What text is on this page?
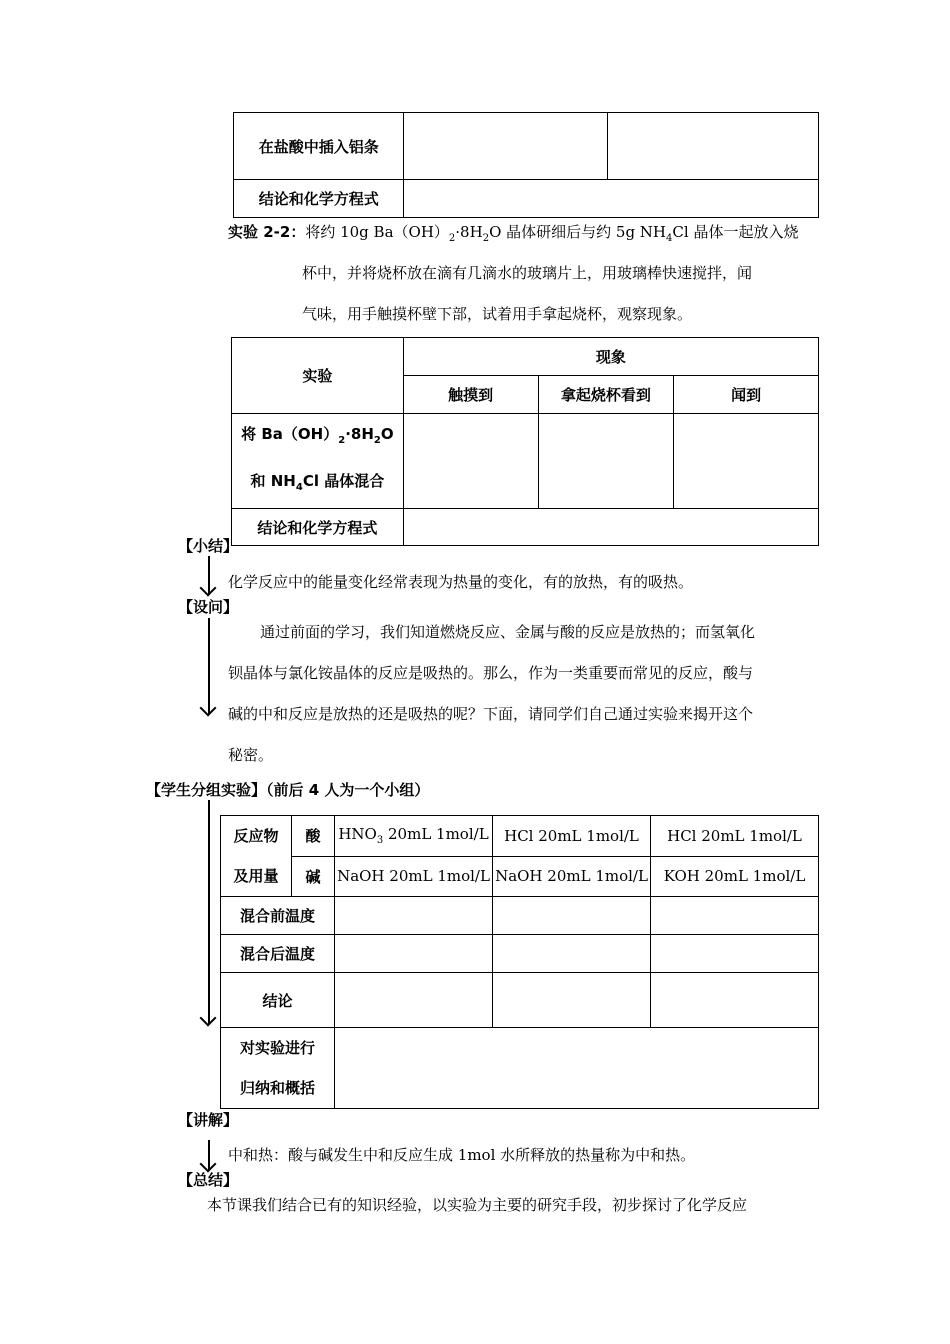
在盐酸中插入铝条		
结论和化学方程式		
实验 2-2：将约 10g $Ba(OH)_2\cdot 8H_2O$ 晶体研细后与约 5g $NH_4Cl$ 晶体一起放入烧
杯中，并将烧杯放在滴有几滴水的玻璃片上，用玻璃棒快速搅拌，闻
气味，用手触摸杯壁下部，试着用手拿起烧杯，观察现象。
实验	现象		
	触摸到	拿起烧杯看到	闻到

将 $Ba(OH)_2\cdot 8H_2O$
和 $NH_4Cl$ 晶体混合			

结论和化学方程式			
【小结】
化学反应中的能量变化经常表现为热量的变化，有的放热，有的吸热。
【设问】
通过前面的学习，我们知道燃烧反应、金属与酸的反应是放热的；而氢氧化
钡晶体与氯化铵晶体的反应是吸热的。那么，作为一类重要而常见的反应，酸与
碱的中和反应是放热的还是吸热的呢？下面，请同学们自己通过实验来揭开这个
秘密。
【学生分组实验】（前后 4 人为一个小组）
反应物
及用量	酸	$HNO_3$ 20mL 1mol/L	HCl 20mL 1mol/L	HCl 20mL 1mol/L
	碱	NaOH 20mL 1mol/L	NaOH 20mL 1mol/L	KOH 20mL 1mol/L
混合前温度				
混合后温度				
结论				

对实验进行
归纳和概括				

【讲解】
中和热：酸与碱发生中和反应生成 1mol 水所释放的热量称为中和热。
【总结】
本节课我们结合已有的知识经验，以实验为主要的研究手段，初步探讨了化学反应
